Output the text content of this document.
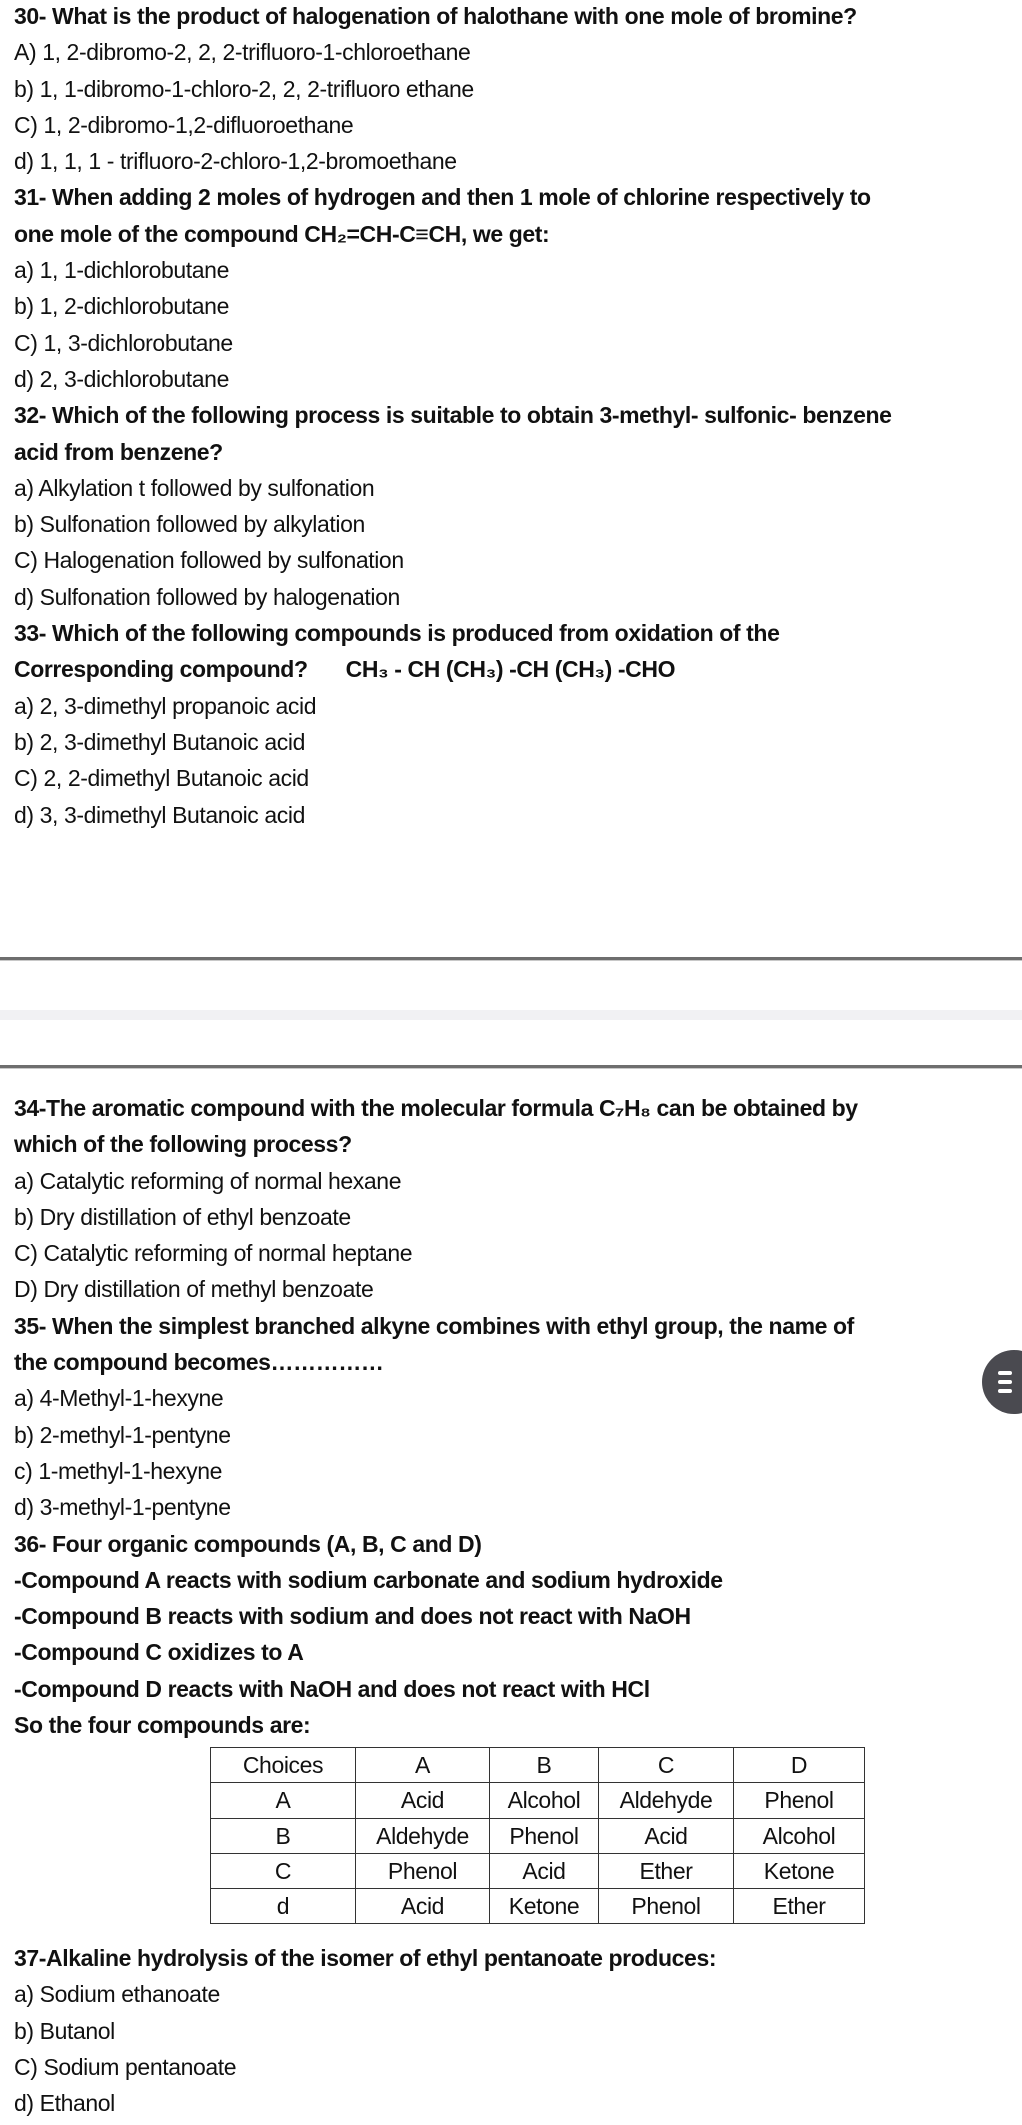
30- What is the product of halogenation of halothane with one mole of bromine?
A) 1, 2-dibromo-2, 2, 2-trifluoro-1-chloroethane
b) 1, 1-dibromo-1-chloro-2, 2, 2-trifluoro ethane
C) 1, 2-dibromo-1,2-difluoroethane
d) 1, 1, 1 - trifluoro-2-chloro-1,2-bromoethane
31- When adding 2 moles of hydrogen and then 1 mole of chlorine respectively to
one mole of the compound CH₂=CH-C≡CH, we get:
a) 1, 1-dichlorobutane
b) 1, 2-dichlorobutane
C) 1, 3-dichlorobutane
d) 2, 3-dichlorobutane
32- Which of the following process is suitable to obtain 3-methyl- sulfonic- benzene
acid from benzene?
a) Alkylation t followed by sulfonation
b) Sulfonation followed by alkylation
C) Halogenation followed by sulfonation
d) Sulfonation followed by halogenation
33- Which of the following compounds is produced from oxidation of the
Corresponding compound? CH₃ - CH (CH₃) -CH (CH₃) -CHO
a) 2, 3-dimethyl propanoic acid
b) 2, 3-dimethyl Butanoic acid
C) 2, 2-dimethyl Butanoic acid
d) 3, 3-dimethyl Butanoic acid
34-The aromatic compound with the molecular formula C₇H₈ can be obtained by
which of the following process?
a) Catalytic reforming of normal hexane
b) Dry distillation of ethyl benzoate
C) Catalytic reforming of normal heptane
D) Dry distillation of methyl benzoate
35- When the simplest branched alkyne combines with ethyl group, the name of
the compound becomes……………
a) 4-Methyl-1-hexyne
b) 2-methyl-1-pentyne
c) 1-methyl-1-hexyne
d) 3-methyl-1-pentyne
36- Four organic compounds (A, B, C and D)
-Compound A reacts with sodium carbonate and sodium hydroxide
-Compound B reacts with sodium and does not react with NaOH
-Compound C oxidizes to A
-Compound D reacts with NaOH and does not react with HCl
So the four compounds are:
Choices	A	B	C	D
A	Acid	Alcohol	Aldehyde	Phenol
B	Aldehyde	Phenol	Acid	Alcohol
C	Phenol	Acid	Ether	Ketone
d	Acid	Ketone	Phenol	Ether
37-Alkaline hydrolysis of the isomer of ethyl pentanoate produces:
a) Sodium ethanoate
b) Butanol
C) Sodium pentanoate
d) Ethanol
